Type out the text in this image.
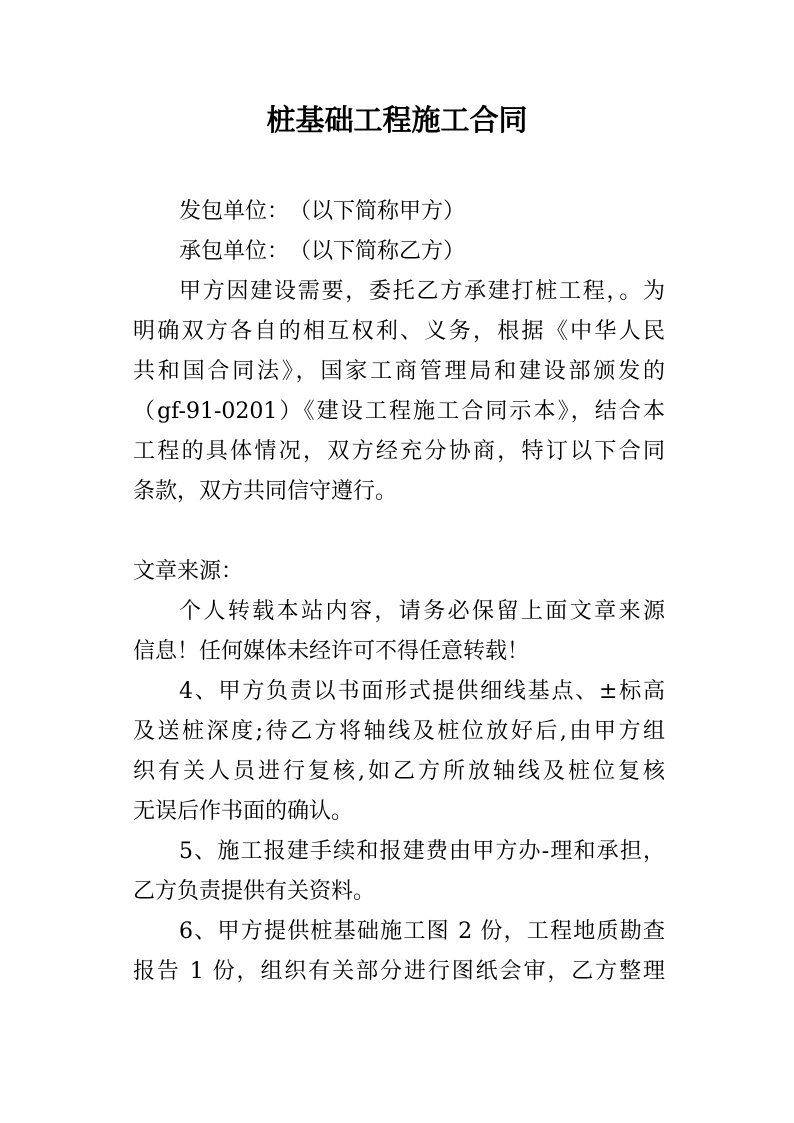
桩基础工程施工合同
发包单位：　（以下简称甲方）
承包单位：　（以下简称乙方）
甲方因建设需要，委托乙方承建打桩工程，。为
明确双方各自的相互权利、义务，根据《中华人民
共和国合同法》，国家工商管理局和建设部颁发的
（gf-91-0201）《建设工程施工合同示本》，结合本
工程的具体情况，双方经充分协商，特订以下合同
条款，双方共同信守遵行。
文章来源：
个人转载本站内容，请务必保留上面文章来源
信息！任何媒体未经许可不得任意转载！
4、甲方负责以书面形式提供细线基点、±标高
及送桩深度;待乙方将轴线及桩位放好后,由甲方组
织有关人员进行复核,如乙方所放轴线及桩位复核
无误后作书面的确认。
5、施工报建手续和报建费由甲方办-理和承担，
乙方负责提供有关资料。
6、甲方提供桩基础施工图 2 份，工程地质勘查
报告 1 份，组织有关部分进行图纸会审，乙方整理
